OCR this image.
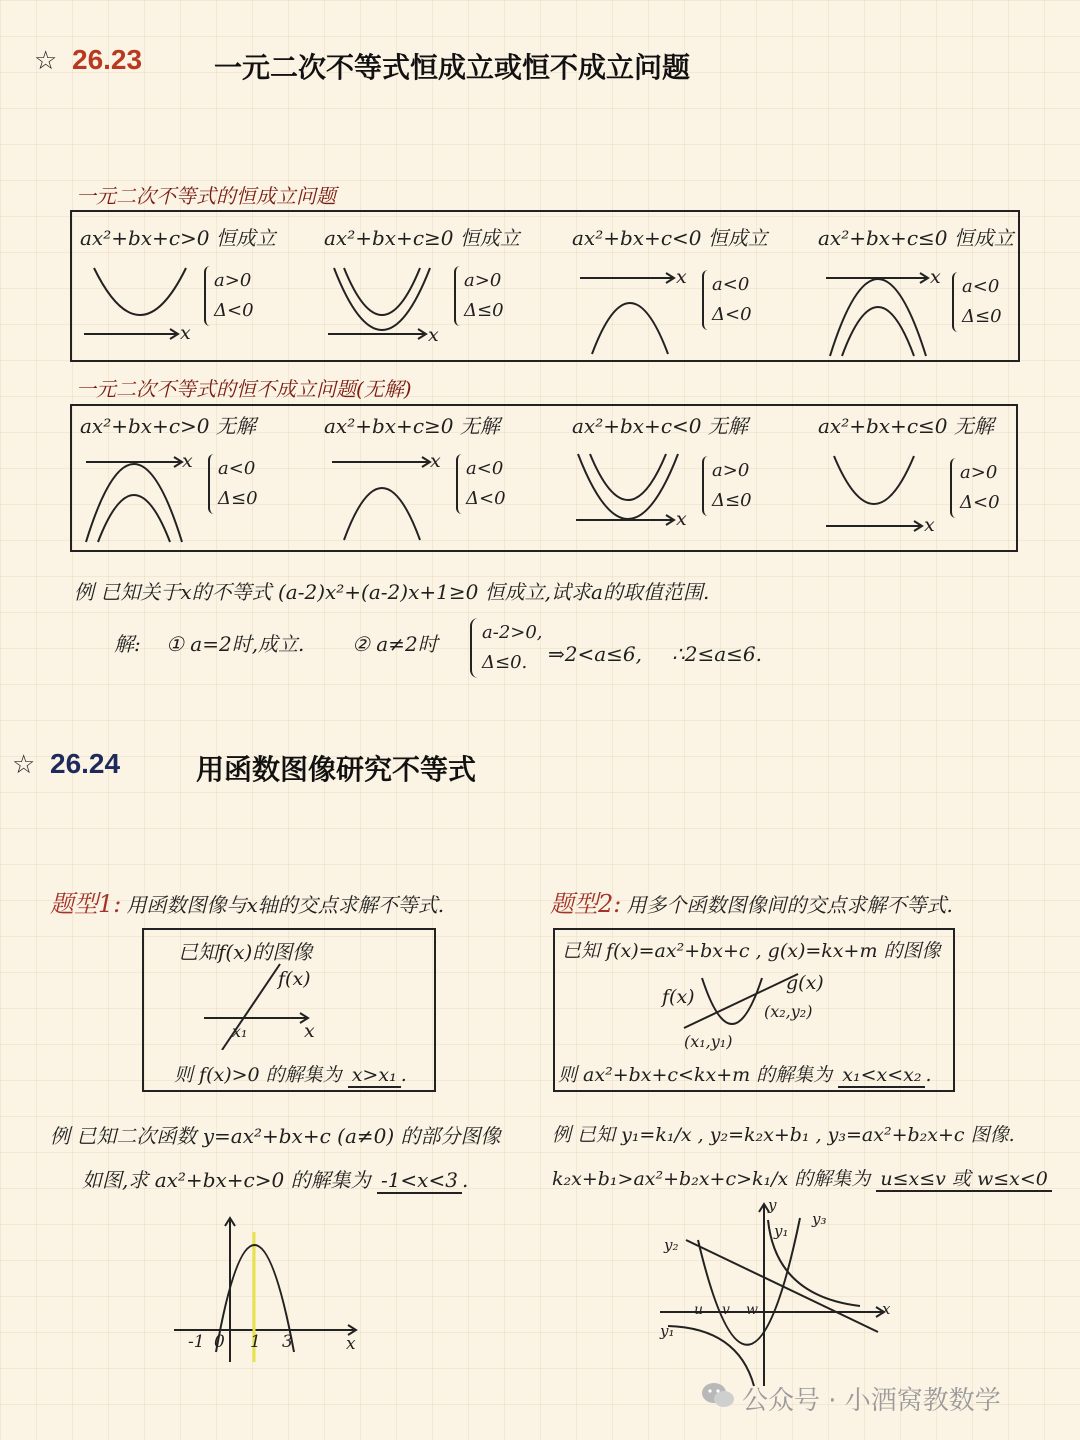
☆ 26.23	一元二次不等式恒成立或恒不成立问题
一元二次不等式的恒成立问题
ax²+bx+c>0 恒成立
x
a>0
Δ<0
ax²+bx+c≥0 恒成立
x
a>0
Δ≤0
ax²+bx+c<0 恒成立
x a<0
Δ<0
ax²+bx+c≤0 恒成立
x a<0
Δ≤0
一元二次不等式的恒不成立问题(无解)
ax²+bx+c>0 无解
x a<0
Δ≤0
ax²+bx+c≥0 无解
x a<0
Δ<0
ax²+bx+c<0 无解
x
a>0
Δ≤0
ax²+bx+c≤0 无解
x
a>0
Δ<0
例 已知关于x的不等式 (a-2)x²+(a-2)x+1≥0 恒成立,试求a的取值范围.
解: ① a=2时,成立. ② a≠2时 a-2>0,
Δ≤0.	⇒2<a≤6, ∴2≤a≤6.
☆ 26.24	用函数图像研究不等式
题型1: 用函数图像与x轴的交点求解不等式.
已知f(x)的图像
f(x)
x₁	x
则 f(x)>0 的解集为 x>x₁ .
题型2: 用多个函数图像间的交点求解不等式.
已知 f(x)=ax²+bx+c , g(x)=kx+m 的图像
f(x)
g(x)
(x₂,y₂)
(x₁,y₁)
则 ax²+bx+c<kx+m 的解集为 x₁<x<x₂ .
例 已知二次函数 y=ax²+bx+c (a≠0) 的部分图像
如图,求 ax²+bx+c>0 的解集为 -1<x<3 .
-1 0 1 3	x
例 已知 y₁=k₁/x , y₂=k₂x+b₁ , y₃=ax²+b₂x+c 图像.
k₂x+b₁>ax²+b₂x+c>k₁/x 的解集为 u≤x≤v 或 w≤x<0
y₂
y₁
y
y₁
y₃
u v w	x
公众号 · 小酒窝教数学
